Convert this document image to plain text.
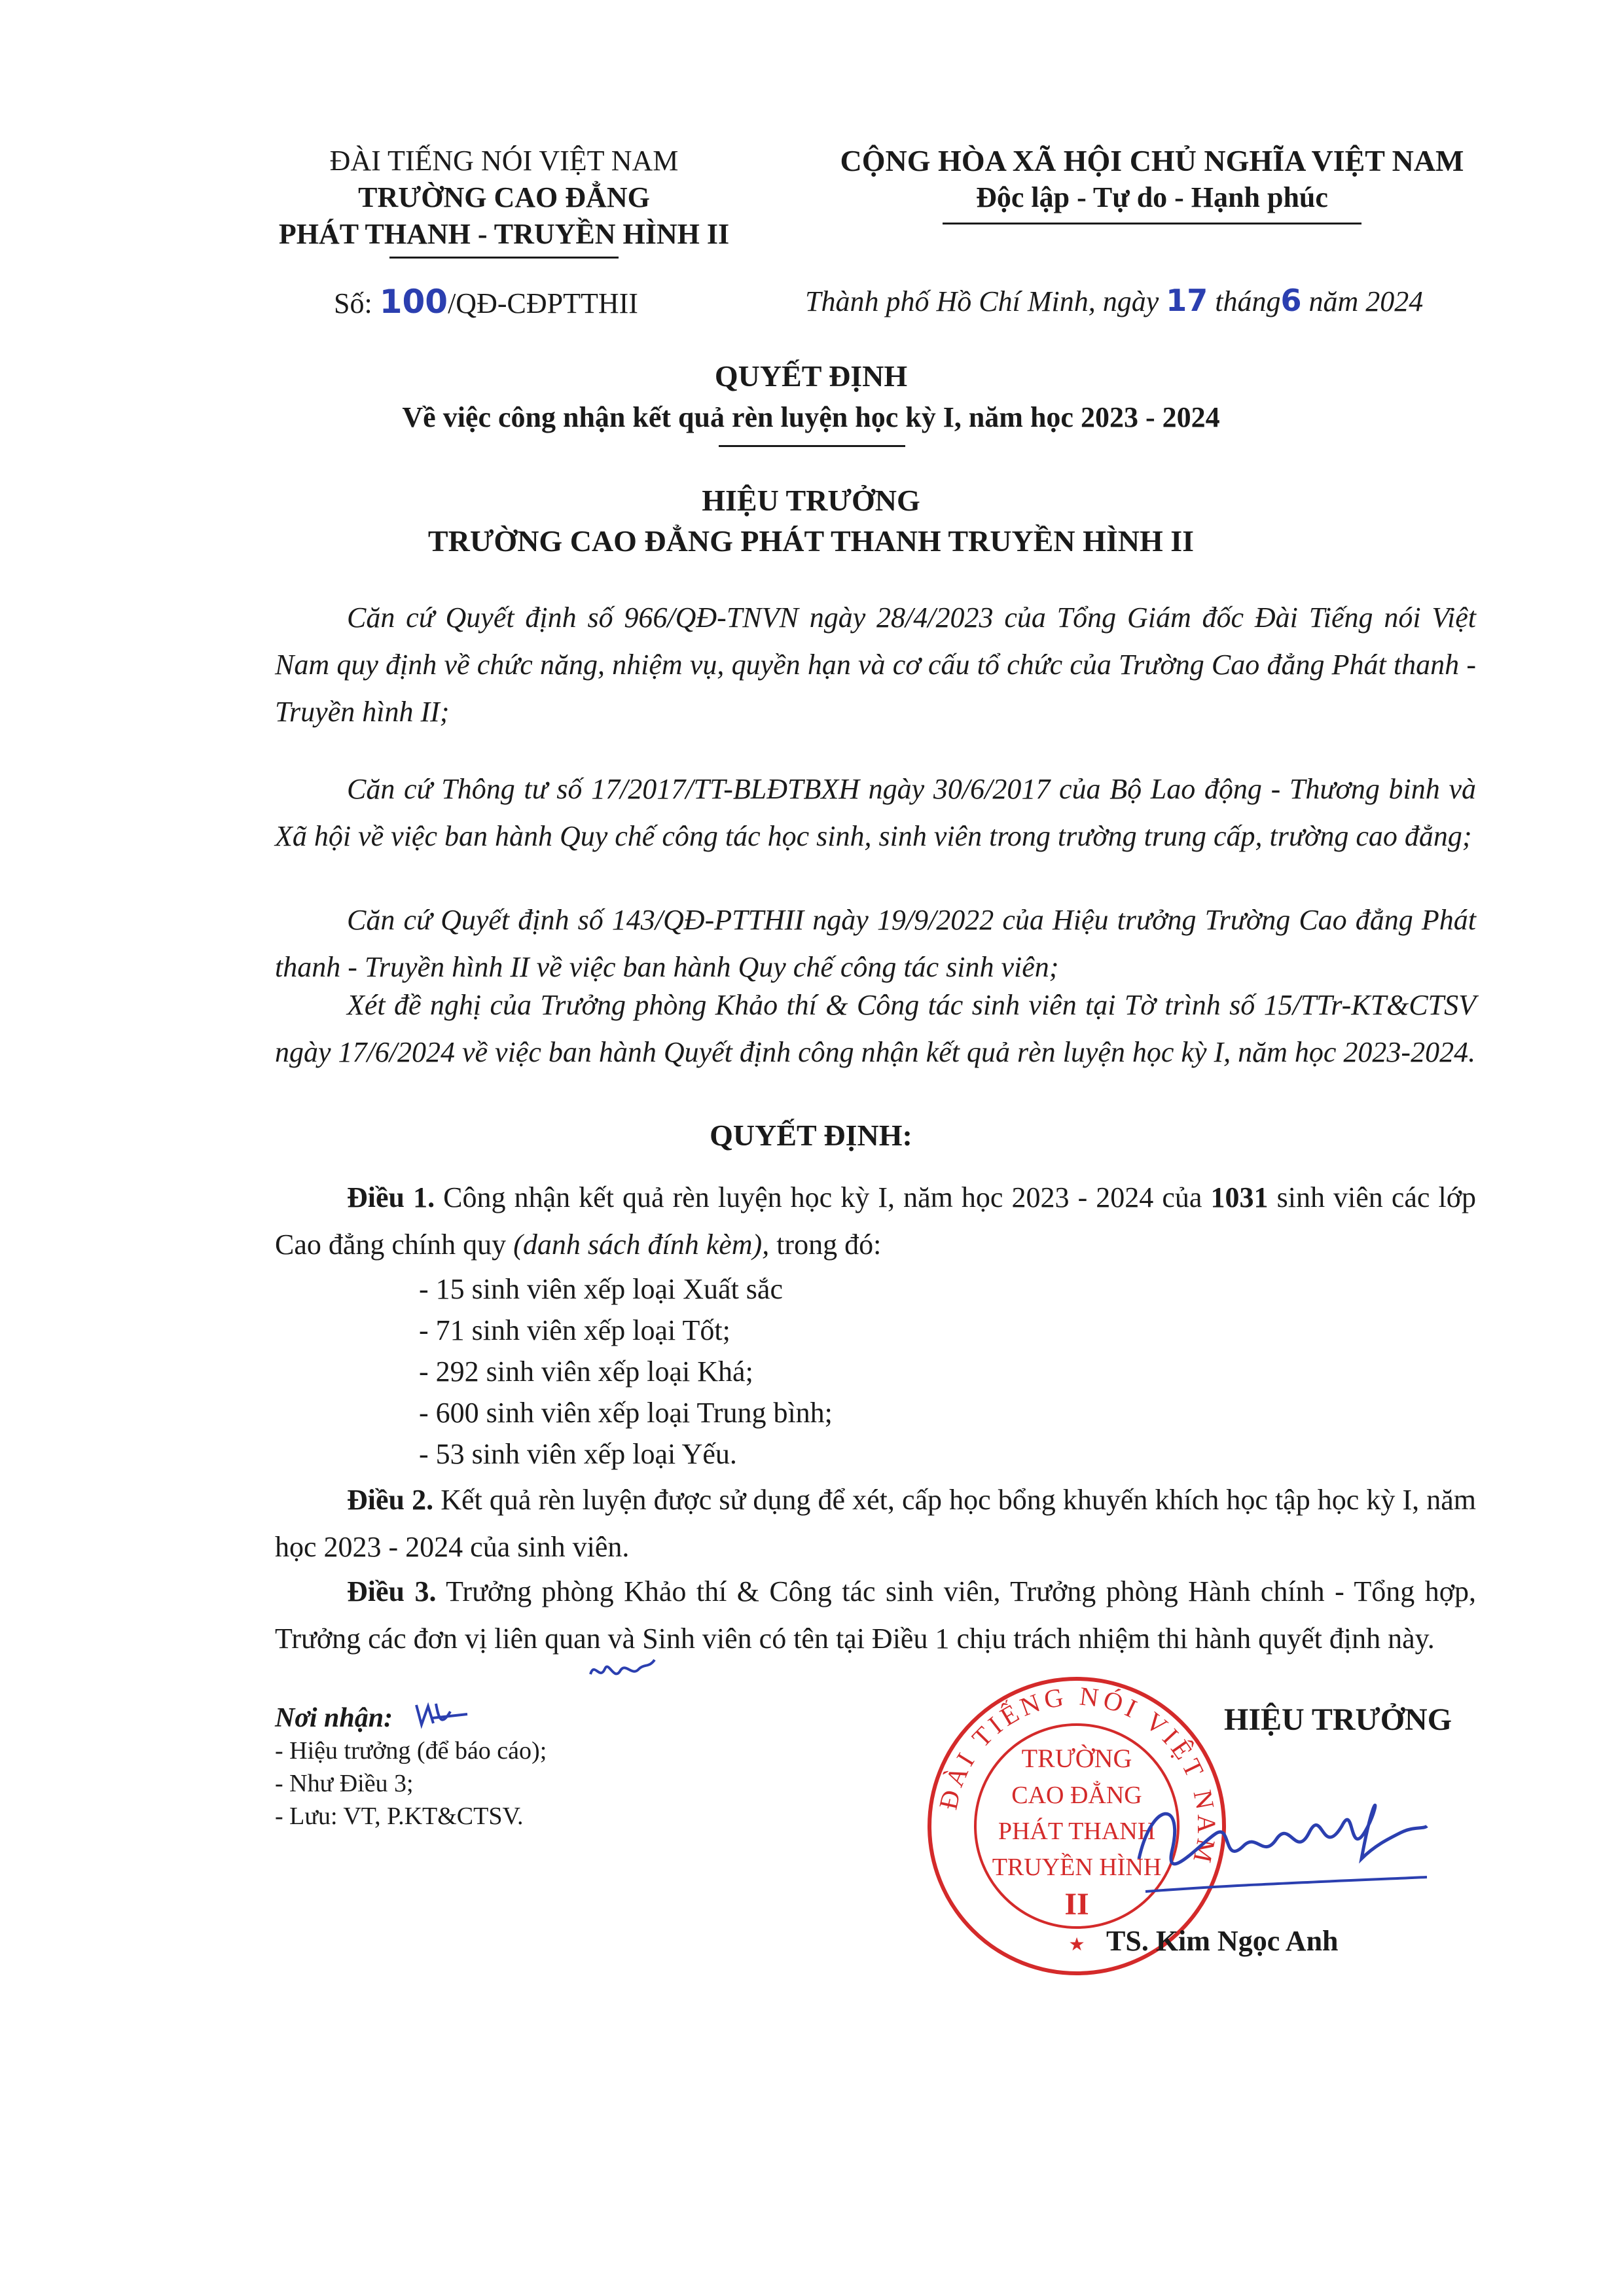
ĐÀI TIẾNG NÓI VIỆT NAM
TRƯỜNG CAO ĐẲNG
PHÁT THANH - TRUYỀN HÌNH II
CỘNG HÒA XÃ HỘI CHỦ NGHĨA VIỆT NAM
Độc lập - Tự do - Hạnh phúc
Số: 100/QĐ-CĐPTTHII	Thành phố Hồ Chí Minh, ngày 17 tháng6 năm 2024
QUYẾT ĐỊNH
Về việc công nhận kết quả rèn luyện học kỳ I, năm học 2023 - 2024
HIỆU TRƯỞNG
TRƯỜNG CAO ĐẲNG PHÁT THANH TRUYỀN HÌNH II
Căn cứ Quyết định số 966/QĐ-TNVN ngày 28/4/2023 của Tổng Giám đốc Đài Tiếng nói Việt Nam quy định về chức năng, nhiệm vụ, quyền hạn và cơ cấu tổ chức của Trường Cao đẳng Phát thanh - Truyền hình II;
Căn cứ Thông tư số 17/2017/TT-BLĐTBXH ngày 30/6/2017 của Bộ Lao động - Thương binh và Xã hội về việc ban hành Quy chế công tác học sinh, sinh viên trong trường trung cấp, trường cao đẳng;
Căn cứ Quyết định số 143/QĐ-PTTHII ngày 19/9/2022 của Hiệu trưởng Trường Cao đẳng Phát thanh - Truyền hình II về việc ban hành Quy chế công tác sinh viên;
Xét đề nghị của Trưởng phòng Khảo thí & Công tác sinh viên tại Tờ trình số 15/TTr-KT&CTSV ngày 17/6/2024 về việc ban hành Quyết định công nhận kết quả rèn luyện học kỳ I, năm học 2023-2024.
QUYẾT ĐỊNH:
Điều 1. Công nhận kết quả rèn luyện học kỳ I, năm học 2023 - 2024 của 1031 sinh viên các lớp Cao đẳng chính quy (danh sách đính kèm), trong đó:
- 15 sinh viên xếp loại Xuất sắc
- 71 sinh viên xếp loại Tốt;
- 292 sinh viên xếp loại Khá;
- 600 sinh viên xếp loại Trung bình;
- 53 sinh viên xếp loại Yếu.
Điều 2. Kết quả rèn luyện được sử dụng để xét, cấp học bổng khuyến khích học tập học kỳ I, năm học 2023 - 2024 của sinh viên.
Điều 3. Trưởng phòng Khảo thí & Công tác sinh viên, Trưởng phòng Hành chính - Tổng hợp, Trưởng các đơn vị liên quan và Sinh viên có tên tại Điều 1 chịu trách nhiệm thi hành quyết định này.
Nơi nhận:
- Hiệu trưởng (để báo cáo);
- Như Điều 3;
- Lưu: VT, P.KT&CTSV.
ĐÀI TIẾNG NÓI VIỆT NAM
TRƯỜNG
CAO ĐẲNG
PHÁT THANH
TRUYỀN HÌNH
II
★
HIỆU TRƯỞNG
TS. Kim Ngọc Anh
